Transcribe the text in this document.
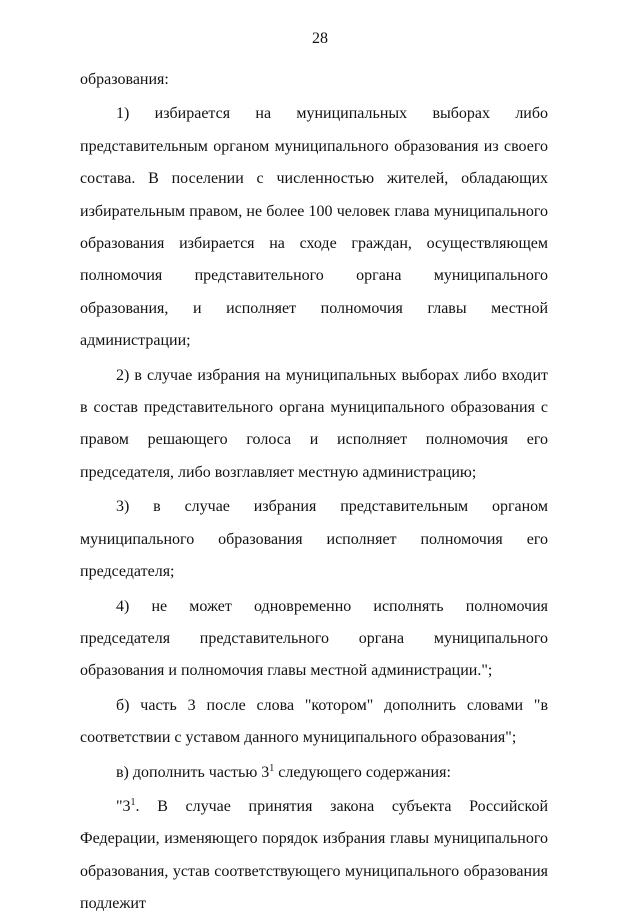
28

образования:

1) избирается на муниципальных выборах либо представительным органом муниципального образования из своего состава. В поселении с численностью жителей, обладающих избирательным правом, не более 100 человек глава муниципального образования избирается на сходе граждан, осуществляющем полномочия представительного органа муниципального образования, и исполняет полномочия главы местной администрации;

2) в случае избрания на муниципальных выборах либо входит в состав представительного органа муниципального образования с правом решающего голоса и исполняет полномочия его председателя, либо возглавляет местную администрацию;

3) в случае избрания представительным органом муниципального образования исполняет полномочия его председателя;

4) не может одновременно исполнять полномочия председателя представительного органа муниципального образования и полномочия главы местной администрации.";

б) часть 3 после слова "котором" дополнить словами "в соответствии с уставом данного муниципального образования";

в) дополнить частью $3^1$ следующего содержания:

"$3^1$. В случае принятия закона субъекта Российской Федерации, изменяющего порядок избрания главы муниципального образования, устав соответствующего муниципального образования подлежит
